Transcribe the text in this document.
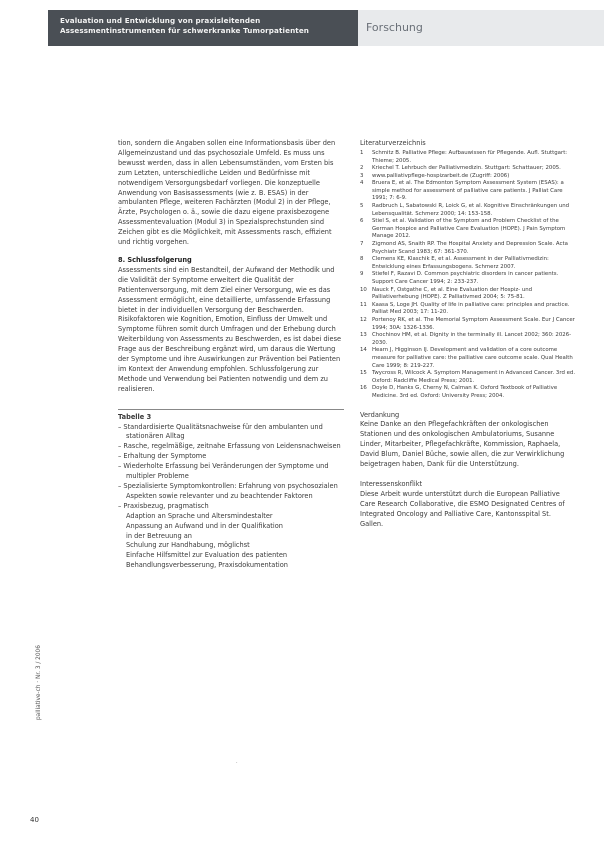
Evaluation und Entwicklung von praxisleitenden
Assessmentinstrumenten für schwerkranke Tumorpatienten	Forschung

tion, sondern die Angaben sollen eine Informationsbasis über den Allgemeinzustand und das psychosoziale Umfeld. Es muss uns bewusst werden, dass in allen Lebensumständen, vom Ersten bis zum Letzten, unterschiedliche Leiden und Bedürfnisse mit notwendigem Versorgungsbedarf vorliegen. Die konzeptuelle Anwendung von Basisassessments (wie z. B. ESAS) in der ambulanten Pflege, weiteren Fachärzten (Modul 2) in der Pflege, Ärzte, Psychologen o. ä., sowie die dazu eigene praxisbezogene Assessmentevaluation (Modul 3) in Spezialsprechstunden sind Zeichen gibt es die Möglichkeit, mit Assessments rasch, effizient und richtig vorgehen.

8. Schlussfolgerung

Assessments sind ein Bestandteil, der Aufwand der Methodik und die Validität der Symptome erweitert die Qualität der Patientenversorgung, mit dem Ziel einer Versorgung, wie es das Assessment ermöglicht, eine detaillierte, umfassende Erfassung bietet in der individuellen Versorgung der Beschwerden. Risikofaktoren wie Kognition, Emotion, Einfluss der Umwelt und Symptome führen somit durch Umfragen und der Erhebung durch Weiterbildung von Assessments zu Beschwerden, es ist dabei diese Frage aus der Beschreibung ergänzt wird, um daraus die Wertung der Symptome und ihre Auswirkungen zur Prävention bei Patienten im Kontext der Anwendung empfohlen. Schlussfolgerung zur Methode und Verwendung bei Patienten notwendig und dem zu realisieren.

Tabelle 3
– Standardisierte Qualitätsnachweise für den ambulanten und stationären Alltag
– Rasche, regelmäßige, zeitnahe Erfassung von Leidensnachweisen
– Erhaltung der Symptome
– Wiederholte Erfassung bei Veränderungen der Symptome und multipler Probleme
– Spezialisierte Symptomkontrollen: Erfahrung von psychosozialen Aspekten sowie relevanter und zu beachtender Faktoren
– Praxisbezug, pragmatisch
Adaption an Sprache und Altersmindestalter
Anpassung an Aufwand und in der Qualifikation
in der Betreuung an
Schulung zur Handhabung, möglichst
Einfache Hilfsmittel zur Evaluation des patienten
Behandlungsverbesserung, Praxisdokumentation

Literaturverzeichnis

1	Schmitz B. Palliative Pflege: Aufbauwissen für Pflegende. Aufl. Stuttgart: Thieme; 2005.
2	Kriechel T. Lehrbuch der Palliativmedizin. Stuttgart: Schattauer; 2005.
3	www.palliativpflege-hospizarbeit.de (Zugriff: 2006)
4	Bruera E, et al. The Edmonton Symptom Assessment System (ESAS): a simple method for assessment of palliative care patients. J Palliat Care 1991; 7: 6-9.
5	Radbruch L, Sabatowski R, Loick G, et al. Kognitive Einschränkungen und Lebensqualität. Schmerz 2000; 14: 153-158.
6	Stiel S, et al. Validation of the Symptom and Problem Checklist of the German Hospice and Palliative Care Evaluation (HOPE). J Pain Symptom Manage 2012.
7	Zigmond AS, Snaith RP. The Hospital Anxiety and Depression Scale. Acta Psychiatr Scand 1983; 67: 361-370.
8	Clemens KE, Klaschik E, et al. Assessment in der Palliativmedizin: Entwicklung eines Erfassungsbogens. Schmerz 2007.
9	Stiefel F, Razavi D. Common psychiatric disorders in cancer patients. Support Care Cancer 1994; 2: 233-237.
10 Nauck F, Ostgathe C, et al. Eine Evaluation der Hospiz- und Palliativerhebung (HOPE). Z Palliativmed 2004; 5: 75-81.
11 Kaasa S, Loge JH. Quality of life in palliative care: principles and practice. Palliat Med 2003; 17: 11-20.
12 Portenoy RK, et al. The Memorial Symptom Assessment Scale. Eur J Cancer 1994; 30A: 1326-1336.
13 Chochinov HM, et al. Dignity in the terminally ill. Lancet 2002; 360: 2026-2030.
14 Hearn J, Higginson IJ. Development and validation of a core outcome measure for palliative care: the palliative care outcome scale. Qual Health Care 1999; 8: 219-227.
15 Twycross R, Wilcock A. Symptom Management in Advanced Cancer. 3rd ed. Oxford: Radcliffe Medical Press; 2001.
16 Doyle D, Hanks G, Cherny N, Calman K. Oxford Textbook of Palliative Medicine. 3rd ed. Oxford: University Press; 2004.

Verdankung

Keine Danke an den Pflegefachkräften der onkologischen Stationen und des onkologischen Ambulatoriums, Susanne Linder, Mitarbeiter, Pflegefachkräfte, Kommission, Raphaela, David Blum, Daniel Büche, sowie allen, die zur Verwirklichung beigetragen haben, Dank für die Unterstützung.

Interessenskonflikt

Diese Arbeit wurde unterstützt durch die European Palliative Care Research Collaborative, die ESMO Designated Centres of Integrated Oncology and Palliative Care, Kantonsspital St. Gallen.

palliative-ch · Nr. 3 / 2006
40
·
